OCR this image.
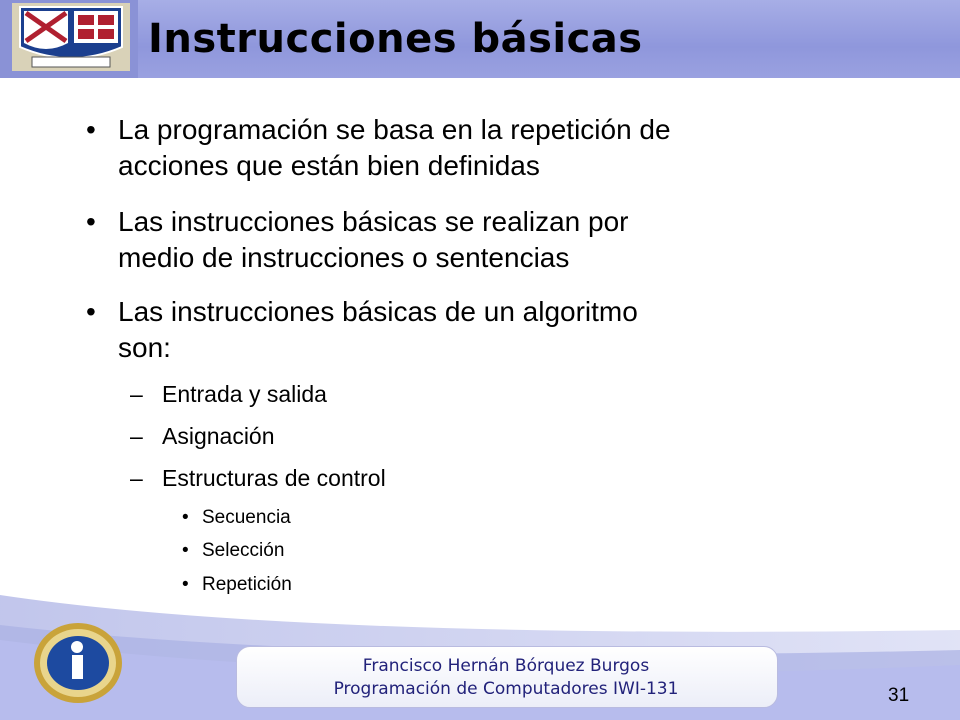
Instrucciones básicas
• La programación se basa en la repetición de
acciones que están bien definidas
• Las instrucciones básicas se realizan por
medio de instrucciones o sentencias
• Las instrucciones básicas de un algoritmo
son:
– Entrada y salida
– Asignación
– Estructuras de control
• Secuencia
• Selección
• Repetición
Francisco Hernán Bórquez Burgos
Programación de Computadores IWI-131	31
